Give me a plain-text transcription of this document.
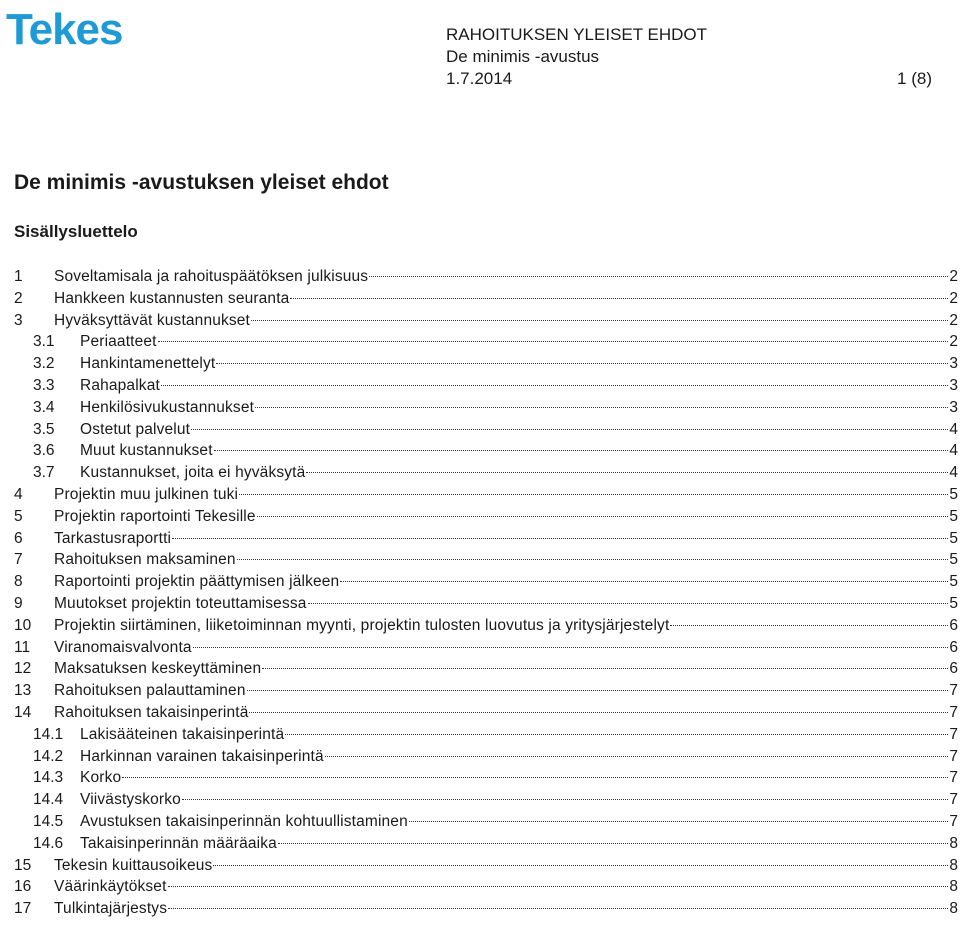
Tekes	RAHOITUKSEN YLEISET EHDOT
De minimis -avustus
1.7.2014	1 (8)
De minimis -avustuksen yleiset ehdot
Sisällysluettelo
1	Soveltamisala ja rahoituspäätöksen julkisuus	2
2	Hankkeen kustannusten seuranta	2
3	Hyväksyttävät kustannukset	2
3.1	Periaatteet	2
3.2	Hankintamenettelyt	3
3.3	Rahapalkat	3
3.4	Henkilösivukustannukset	3
3.5	Ostetut palvelut	4
3.6	Muut kustannukset	4
3.7	Kustannukset, joita ei hyväksytä	4
4	Projektin muu julkinen tuki	5
5	Projektin raportointi Tekesille	5
6	Tarkastusraportti	5
7	Rahoituksen maksaminen	5
8	Raportointi projektin päättymisen jälkeen	5
9	Muutokset projektin toteuttamisessa	5
10	Projektin siirtäminen, liiketoiminnan myynti, projektin tulosten luovutus ja yritysjärjestelyt	6
11	Viranomaisvalvonta	6
12	Maksatuksen keskeyttäminen	6
13	Rahoituksen palauttaminen	7
14	Rahoituksen takaisinperintä	7
14.1	Lakisääteinen takaisinperintä	7
14.2	Harkinnan varainen takaisinperintä	7
14.3	Korko	7
14.4	Viivästyskorko	7
14.5	Avustuksen takaisinperinnän kohtuullistaminen	7
14.6	Takaisinperinnän määräaika	8
15	Tekesin kuittausoikeus	8
16	Väärinkäytökset	8
17	Tulkintajärjestys	8
